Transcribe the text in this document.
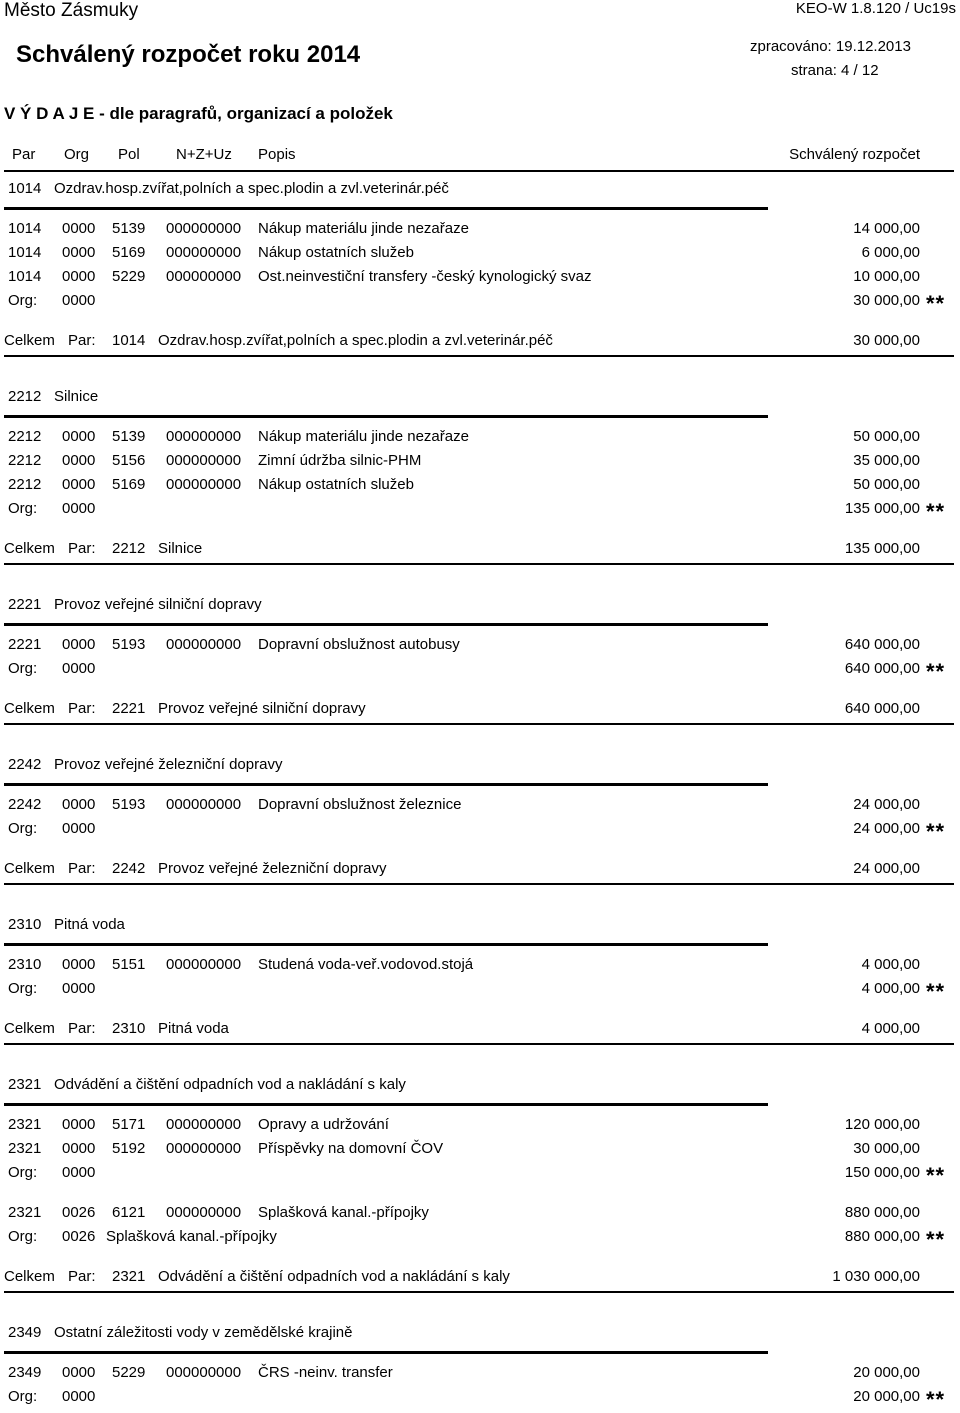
Město Zásmuky	KEO-W 1.8.120 / Uc19s
Schválený rozpočet roku 2014	zpracováno: 19.12.2013
strana: 4 / 12
V Ý D A J E - dle paragrafů, organizací a položek
Par Org Pol N+Z+Uz Popis	Schválený rozpočet
1014 Ozdrav.hosp.zvířat,polních a spec.plodin a zvl.veterinár.péč
1014 0000 5139 000000000 Nákup materiálu jinde nezařaze	14 000,00
1014 0000 5169 000000000 Nákup ostatních služeb	6 000,00
1014 0000 5229 000000000 Ost.neinvestiční transfery -český kynologický svaz	10 000,00
Org: 0000	30 000,00 **
Celkem Par: 1014 Ozdrav.hosp.zvířat,polních a spec.plodin a zvl.veterinár.péč	30 000,00
2212 Silnice
2212 0000 5139 000000000 Nákup materiálu jinde nezařaze	50 000,00
2212 0000 5156 000000000 Zimní údržba silnic-PHM	35 000,00
2212 0000 5169 000000000 Nákup ostatních služeb	50 000,00
Org: 0000	135 000,00 **
Celkem Par: 2212 Silnice	135 000,00
2221 Provoz veřejné silniční dopravy
2221 0000 5193 000000000 Dopravní obslužnost autobusy	640 000,00
Org: 0000	640 000,00 **
Celkem Par: 2221 Provoz veřejné silniční dopravy	640 000,00
2242 Provoz veřejné železniční dopravy
2242 0000 5193 000000000 Dopravní obslužnost železnice	24 000,00
Org: 0000	24 000,00 **
Celkem Par: 2242 Provoz veřejné železniční dopravy	24 000,00
2310 Pitná voda
2310 0000 5151 000000000 Studená voda-veř.vodovod.stojá	4 000,00
Org: 0000	4 000,00 **
Celkem Par: 2310 Pitná voda	4 000,00
2321 Odvádění a čištění odpadních vod a nakládání s kaly
2321 0000 5171 000000000 Opravy a udržování	120 000,00
2321 0000 5192 000000000 Příspěvky na domovní ČOV	30 000,00
Org: 0000	150 000,00 **
2321 0026 6121 000000000 Splašková kanal.-přípojky	880 000,00
Org: 0026 Splašková kanal.-přípojky	880 000,00 **
Celkem Par: 2321 Odvádění a čištění odpadních vod a nakládání s kaly	1 030 000,00
2349 Ostatní záležitosti vody v zemědělské krajině
2349 0000 5229 000000000 ČRS -neinv. transfer	20 000,00
Org: 0000	20 000,00 **
